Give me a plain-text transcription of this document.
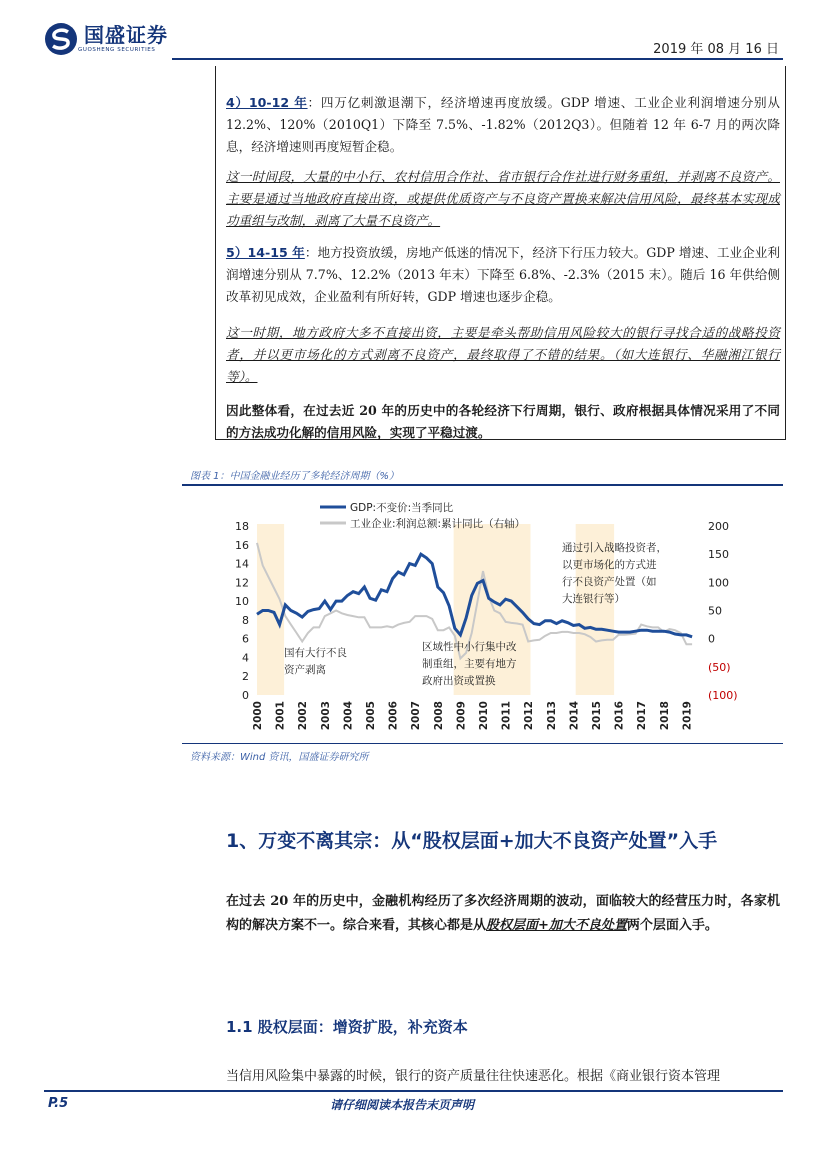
国盛证券
GUOSHENG SECURITIES	2019 年 08 月 16 日
4）10-12 年：四万亿刺激退潮下，经济增速再度放缓。GDP 增速、工业企业利润增速分别从 12.2%、120%（2010Q1）下降至 7.5%、-1.82%（2012Q3）。但随着 12 年 6-7 月的两次降息，经济增速则再度短暂企稳。
这一时间段，大量的中小行、农村信用合作社、省市银行合作社进行财务重组，并剥离不良资产。主要是通过当地政府直接出资，或提供优质资产与不良资产置换来解决信用风险，最终基本实现成功重组与改制，剥离了大量不良资产。
5）14-15 年：地方投资放缓，房地产低迷的情况下，经济下行压力较大。GDP 增速、工业企业利润增速分别从 7.7%、12.2%（2013 年末）下降至 6.8%、-2.3%（2015 末）。随后 16 年供给侧改革初见成效，企业盈利有所好转，GDP 增速也逐步企稳。
这一时期，地方政府大多不直接出资，主要是牵头帮助信用风险较大的银行寻找合适的战略投资者，并以更市场化的方式剥离不良资产，最终取得了不错的结果。（如大连银行、华融湘江银行等）。
因此整体看，在过去近 20 年的历史中的各轮经济下行周期，银行、政府根据具体情况采用了不同的方法成功化解的信用风险，实现了平稳过渡。
图表 1：中国金融业经历了多轮经济周期（%）
0
2
4
6
8
10
12
14
16
18
(100)
(50)
0
50
100
150
200
2000 2001 2002 2003 2004 2005 2006 2007 2008 2009 2010 2011 2012 2013 2014 2015 2016 2017 2018 2019
GDP:不变价:当季同比
工业企业:利润总额:累计同比（右轴）
通过引入战略投资者， 以更市场化的方式进 行不良资产处置（如 大连银行等）
国有大行不良 资产剥离
区域性中小行集中改 制重组，主要有地方 政府出资或置换
资料来源：Wind 资讯，国盛证券研究所
1、万变不离其宗：从“股权层面+加大不良资产处置”入手
在过去 20 年的历史中，金融机构经历了多次经济周期的波动，面临较大的经营压力时，各家机构的解决方案不一。综合来看，其核心都是从股权层面+加大不良处置两个层面入手。
1.1 股权层面：增资扩股，补充资本
当信用风险集中暴露的时候，银行的资产质量往往快速恶化。根据《商业银行资本管理
P.5	请仔细阅读本报告末页声明
